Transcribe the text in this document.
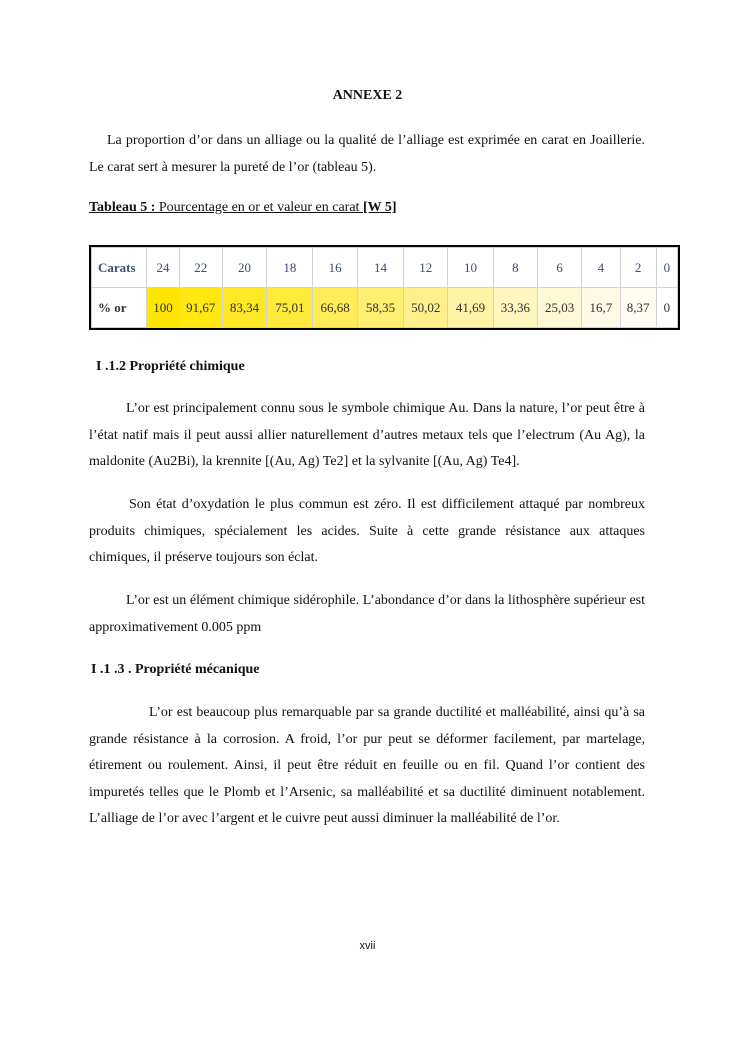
ANNEXE 2

La proportion d’or dans un alliage ou la qualité de l’alliage est exprimée en carat en Joaillerie. Le carat sert à mesurer la pureté de l’or (tableau 5).

Tableau 5 : Pourcentage en or et valeur en carat [W 5]

Carats	24	22	20	18	16	14	12	10	8	6	4	2	0
% or	100	91,67	83,34	75,01	66,68	58,35	50,02	41,69	33,36	25,03	16,7	8,37	0
I .1.2 Propriété chimique

L’or est principalement connu sous le symbole chimique Au. Dans la nature, l’or peut être à l’état natif mais il peut aussi allier naturellement d’autres metaux tels que l’electrum (Au Ag), la maldonite (Au2Bi), la krennite [(Au, Ag) Te2] et la sylvanite [(Au, Ag) Te4].

Son état d’oxydation le plus commun est zéro. Il est difficilement attaqué par nombreux produits chimiques, spécialement les acides. Suite à cette grande résistance aux attaques chimiques, il préserve toujours son éclat.

L’or est un élément chimique sidérophile. L’abondance d’or dans la lithosphère supérieur est approximativement 0.005 ppm

I .1 .3 . Propriété mécanique

L’or est beaucoup plus remarquable par sa grande ductilité et malléabilité, ainsi qu’à sa grande résistance à la corrosion. A froid, l’or pur peut se déformer facilement, par martelage, étirement ou roulement. Ainsi, il peut être réduit en feuille ou en fil. Quand l’or contient des impuretés telles que le Plomb et l’Arsenic, sa malléabilité et sa ductilité diminuent notablement. L’alliage de l’or avec l’argent et le cuivre peut aussi diminuer la malléabilité de l’or.

xvii
